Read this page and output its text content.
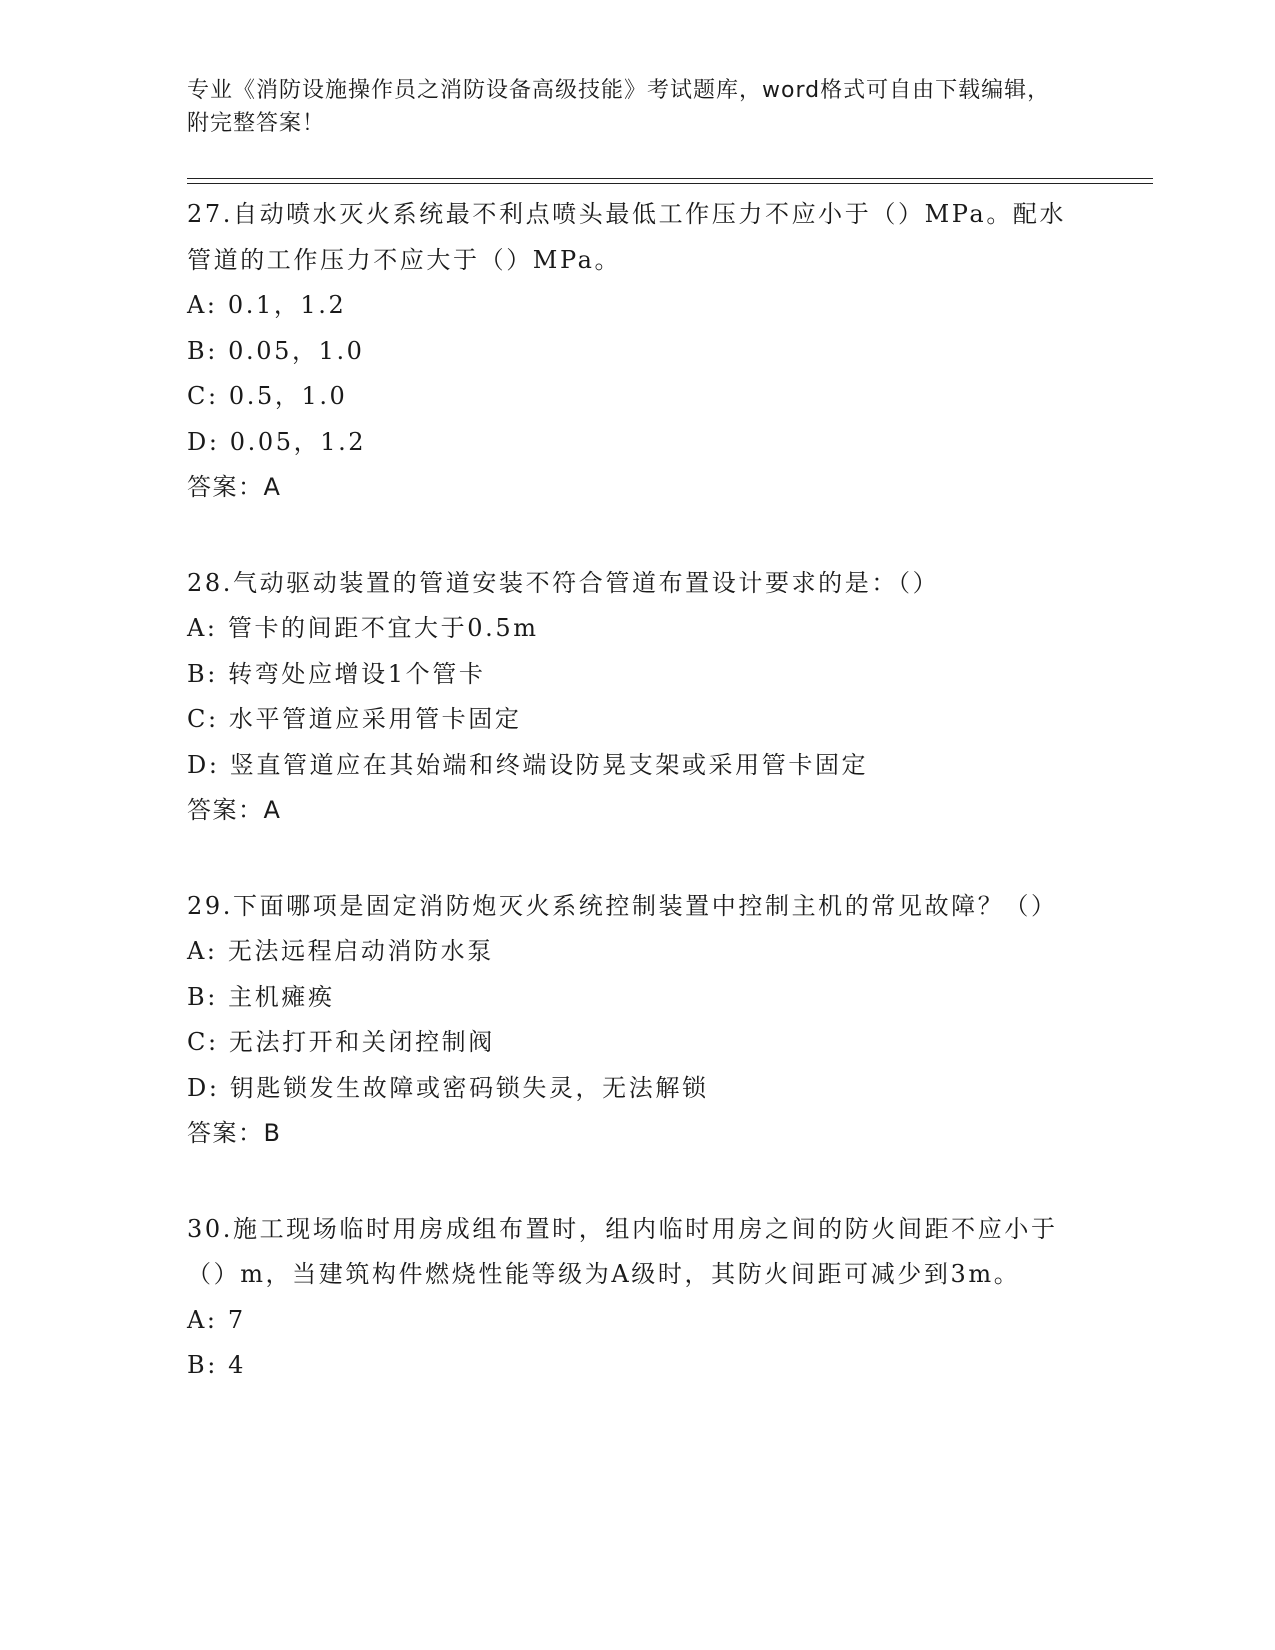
专业《消防设施操作员之消防设备高级技能》考试题库，word格式可自由下载编辑，附完整答案！

27.自动喷水灭火系统最不利点喷头最低工作压力不应小于（）MPa。配水管道的工作压力不应大于（）MPa。

A: 0.1，1.2

B: 0.05，1.0

C: 0.5，1.0

D: 0.05，1.2

答案：A

28.气动驱动装置的管道安装不符合管道布置设计要求的是：（）

A: 管卡的间距不宜大于0.5m

B: 转弯处应增设1个管卡

C: 水平管道应采用管卡固定

D: 竖直管道应在其始端和终端设防晃支架或采用管卡固定

答案：A

29.下面哪项是固定消防炮灭火系统控制装置中控制主机的常见故障？（）

A: 无法远程启动消防水泵

B: 主机瘫痪

C: 无法打开和关闭控制阀

D: 钥匙锁发生故障或密码锁失灵，无法解锁

答案：B

30.施工现场临时用房成组布置时，组内临时用房之间的防火间距不应小于（）m，当建筑构件燃烧性能等级为A级时，其防火间距可减少到3m。

A: 7

B: 4
